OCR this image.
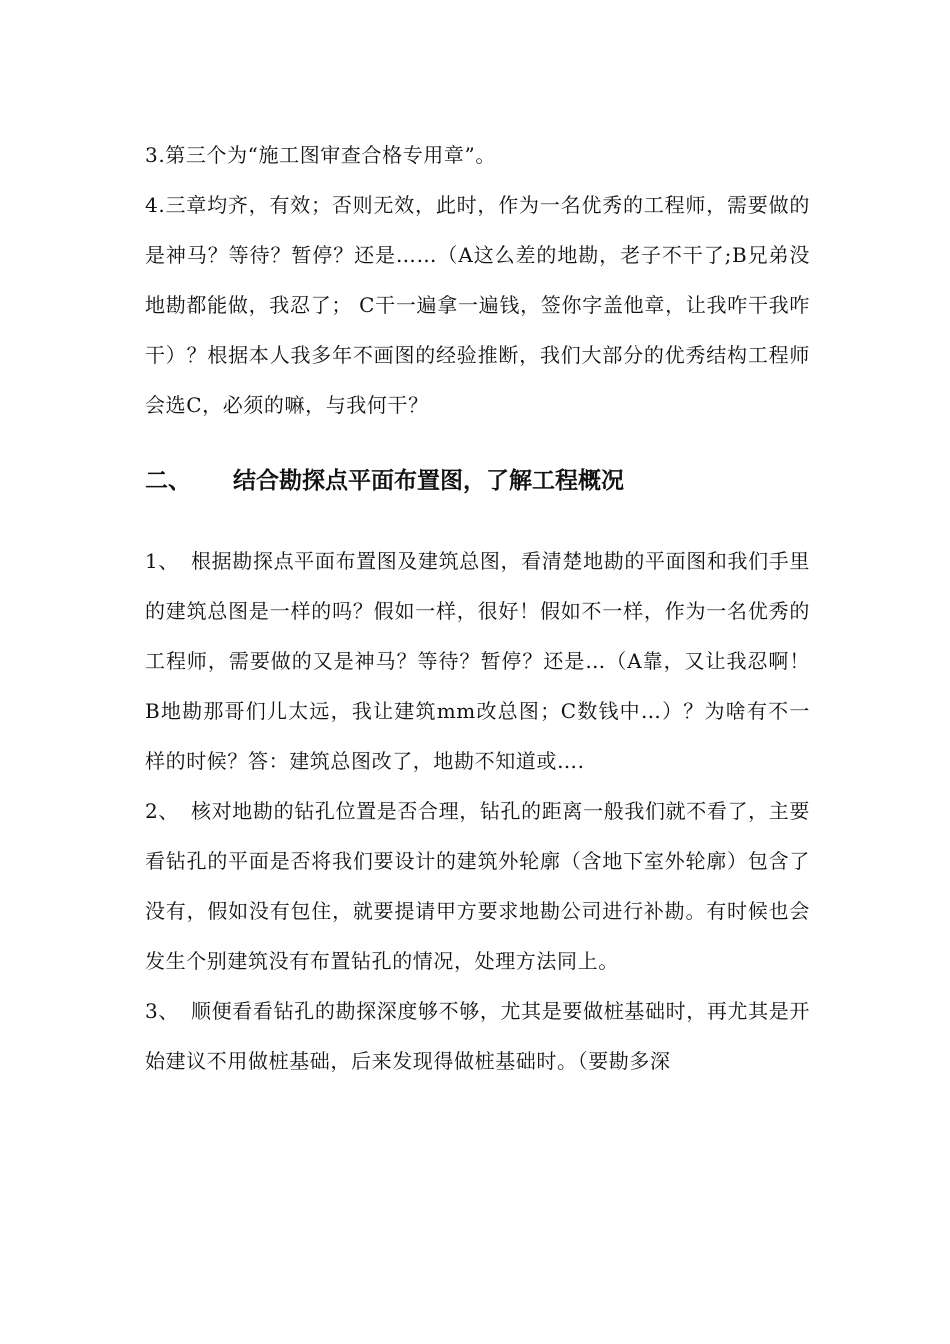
3.第三个为“施工图审查合格专用章”。

4.三章均齐，有效；否则无效，此时，作为一名优秀的工程师，需要做的是神马？等待？暂停？还是……（A这么差的地勘，老子不干了;B兄弟没地勘都能做，我忍了； C干一遍拿一遍钱，签你字盖他章，让我咋干我咋干）？根据本人我多年不画图的经验推断，我们大部分的优秀结构工程师会选C，必须的嘛，与我何干？

二、	结合勘探点平面布置图，了解工程概况

1、 根据勘探点平面布置图及建筑总图，看清楚地勘的平面图和我们手里的建筑总图是一样的吗？假如一样，很好！假如不一样，作为一名优秀的工程师，需要做的又是神马？等待？暂停？还是…（A靠，又让我忍啊！ B地勘那哥们儿太远，我让建筑mm改总图；C数钱中…）？为啥有不一样的时候？答：建筑总图改了，地勘不知道或….

2、 核对地勘的钻孔位置是否合理，钻孔的距离一般我们就不看了，主要看钻孔的平面是否将我们要设计的建筑外轮廓（含地下室外轮廓）包含了没有，假如没有包住，就要提请甲方要求地勘公司进行补勘。有时候也会发生个别建筑没有布置钻孔的情况，处理方法同上。

3、 顺便看看钻孔的勘探深度够不够，尤其是要做桩基础时，再尤其是开始建议不用做桩基础，后来发现得做桩基础时。（要勘多深
